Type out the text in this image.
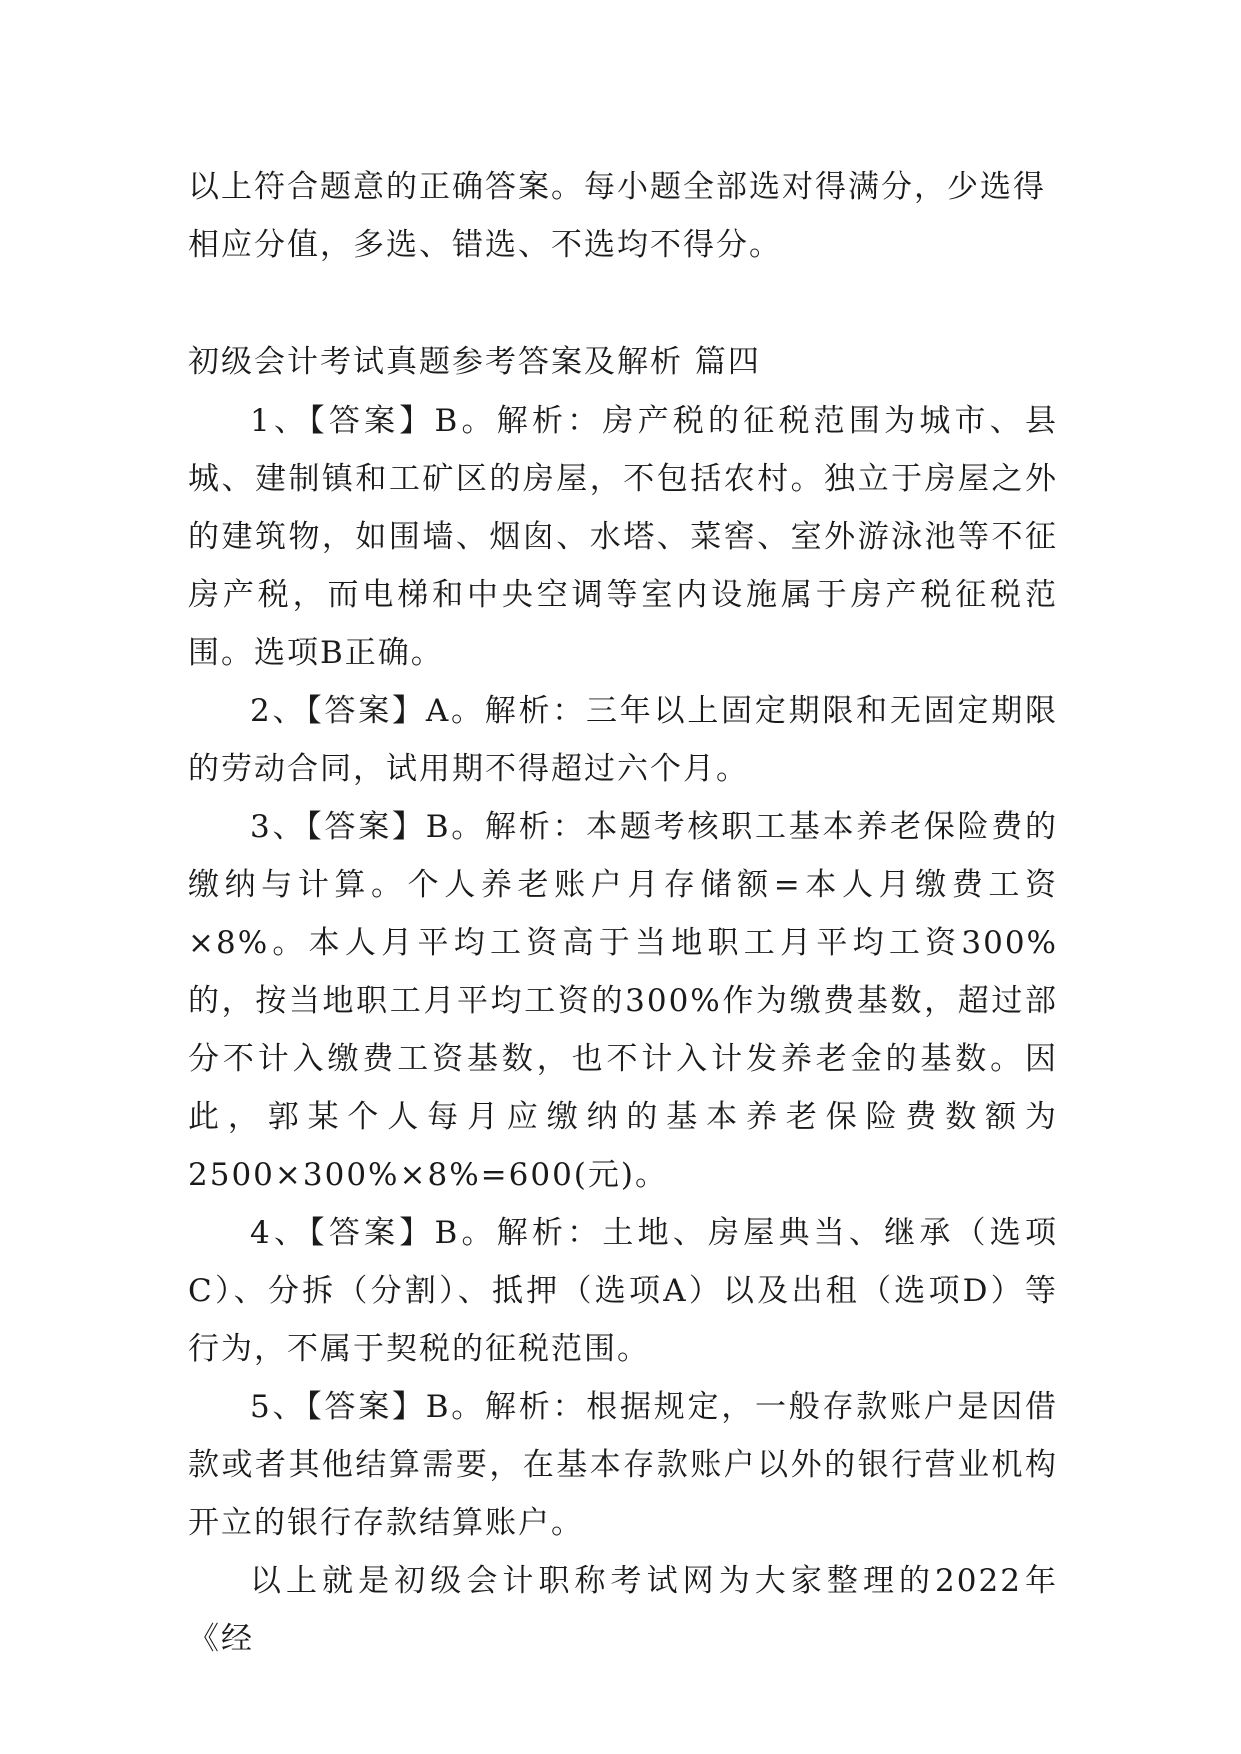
以上符合题意的正确答案。每小题全部选对得满分，少选得

相应分值，多选、错选、不选均不得分。

初级会计考试真题参考答案及解析 篇四

1、【答案】B。解析：房产税的征税范围为城市、县城、建制镇和工矿区的房屋，不包括农村。独立于房屋之外的建筑物，如围墙、烟囱、水塔、菜窖、室外游泳池等不征房产税，而电梯和中央空调等室内设施属于房产税征税范围。选项B正确。

2、【答案】A。解析：三年以上固定期限和无固定期限的劳动合同，试用期不得超过六个月。

3、【答案】B。解析：本题考核职工基本养老保险费的缴纳与计算。个人养老账户月存储额=本人月缴费工资×8%。本人月平均工资高于当地职工月平均工资300%的，按当地职工月平均工资的300%作为缴费基数，超过部分不计入缴费工资基数，也不计入计发养老金的基数。因此，郭某个人每月应缴纳的基本养老保险费数额为2500×300%×8%=600(元)。

4、【答案】B。解析：土地、房屋典当、继承（选项C）、分拆（分割）、抵押（选项A）以及出租（选项D）等行为，不属于契税的征税范围。

5、【答案】B。解析：根据规定，一般存款账户是因借款或者其他结算需要，在基本存款账户以外的银行营业机构开立的银行存款结算账户。

以上就是初级会计职称考试网为大家整理的2022年《经
